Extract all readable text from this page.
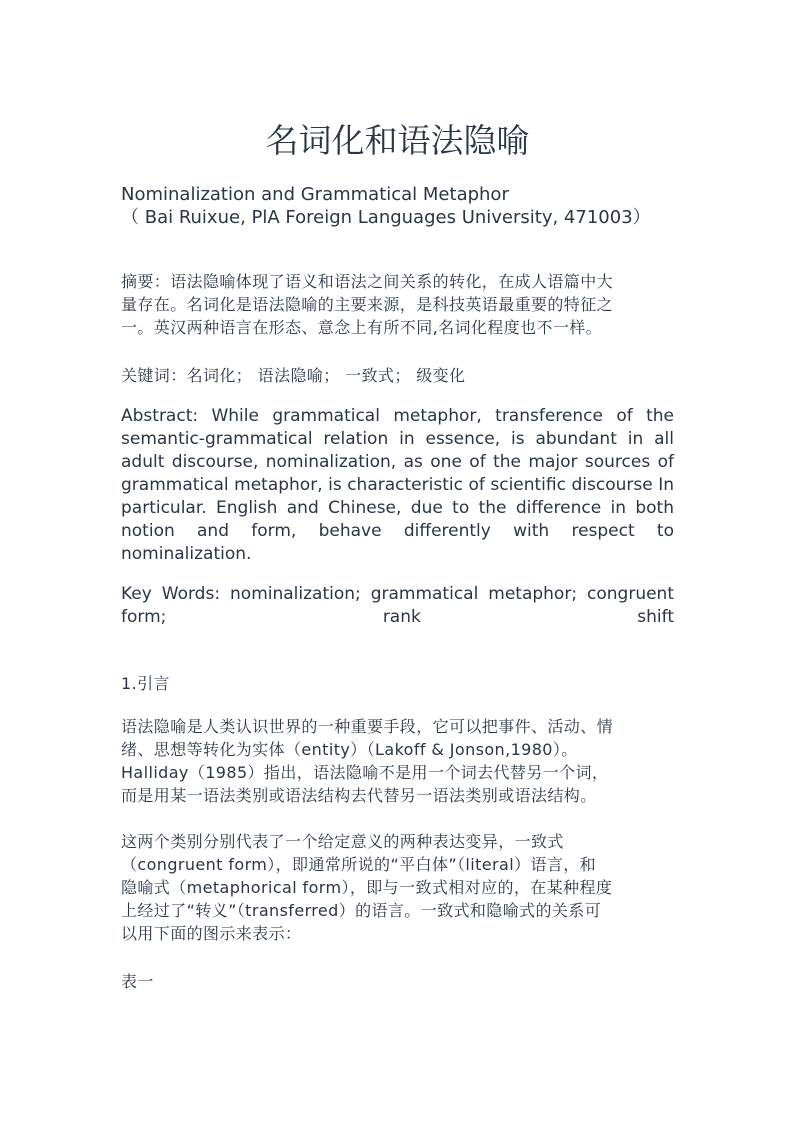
名词化和语法隐喻
Nominalization and Grammatical Metaphor
（ Bai Ruixue, PlA Foreign Languages University, 471003）
摘要：语法隐喻体现了语义和语法之间关系的转化，在成人语篇中大
量存在。名词化是语法隐喻的主要来源，是科技英语最重要的特征之
一。英汉两种语言在形态、意念上有所不同,名词化程度也不一样。
关键词：名词化； 语法隐喻； 一致式； 级变化
Abstract: While grammatical metaphor, transference of the semantic-grammatical relation in essence, is abundant in all adult discourse, nominalization, as one of the major sources of grammatical metaphor, is characteristic of scientific discourse In particular. English and Chinese, due to the difference in both notion and form, behave differently with respect to nominalization.
Key Words: nominalization; grammatical metaphor; congruent form; rank shift
1.引言
语法隐喻是人类认识世界的一种重要手段，它可以把事件、活动、情
绪、思想等转化为实体（entity）（Lakoff & Jonson,1980）。
Halliday（1985）指出，语法隐喻不是用一个词去代替另一个词，
而是用某一语法类别或语法结构去代替另一语法类别或语法结构。
这两个类别分别代表了一个给定意义的两种表达变异，一致式
（congruent form），即通常所说的“平白体”（literal）语言，和
隐喻式（metaphorical form），即与一致式相对应的，在某种程度
上经过了“转义”（transferred）的语言。一致式和隐喻式的关系可
以用下面的图示来表示：
表一
